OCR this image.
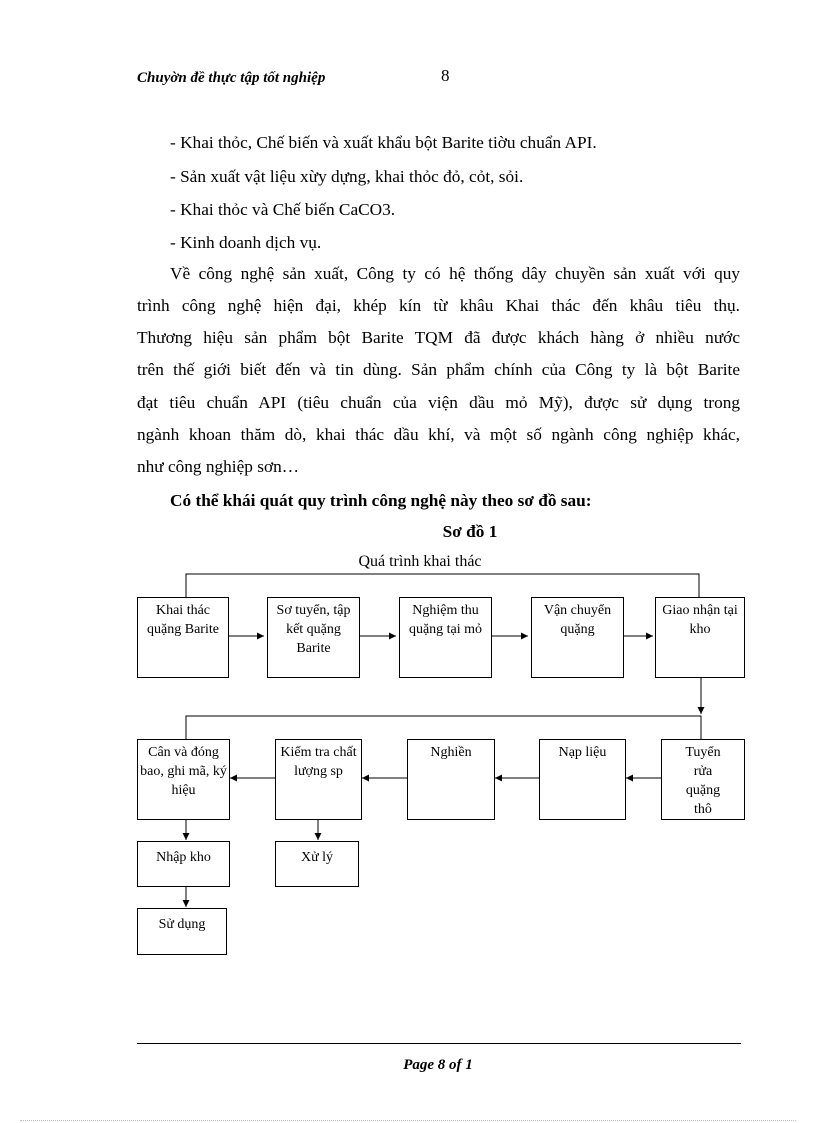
Chuyờn đề thực tập tốt nghiệp	8
- Khai thỏc, Chế biến và xuất khẩu bột Barite tiờu chuẩn API.
- Sản xuất vật liệu xừy dựng, khai thỏc đỏ, cỏt, sỏi.
- Khai thỏc và Chế biến CaCO3.
- Kinh doanh dịch vụ.
Về công nghệ sản xuất, Công ty có hệ thống dây chuyền sản xuất với quy
trình công nghệ hiện đại, khép kín từ khâu Khai thác đến khâu tiêu thụ.
Thương hiệu sản phẩm bột Barite TQM đã được khách hàng ở nhiều nước
trên thế giới biết đến và tin dùng. Sản phẩm chính của Công ty là bột Barite
đạt tiêu chuẩn API (tiêu chuẩn của viện dầu mỏ Mỹ), được sử dụng trong
ngành khoan thăm dò, khai thác dầu khí, và một số ngành công nghiệp khác,
như công nghiệp sơn…
Có thể khái quát quy trình công nghệ này theo sơ đồ sau:
Sơ đồ 1
Quá trình khai thác
Khai thác quặng Barite
Sơ tuyển, tập kết quặng Barite
Nghiệm thu quặng tại mỏ
Vận chuyển quặng
Giao nhận tại kho
Cân và đóng bao, ghi mã, ký hiệu
Kiểm tra chất lượng sp
Nghiền	Nạp liệu	Tuyển rửa quặng thô
Nhập kho	Xử lý
Sử dụng
Page 8 of 1
